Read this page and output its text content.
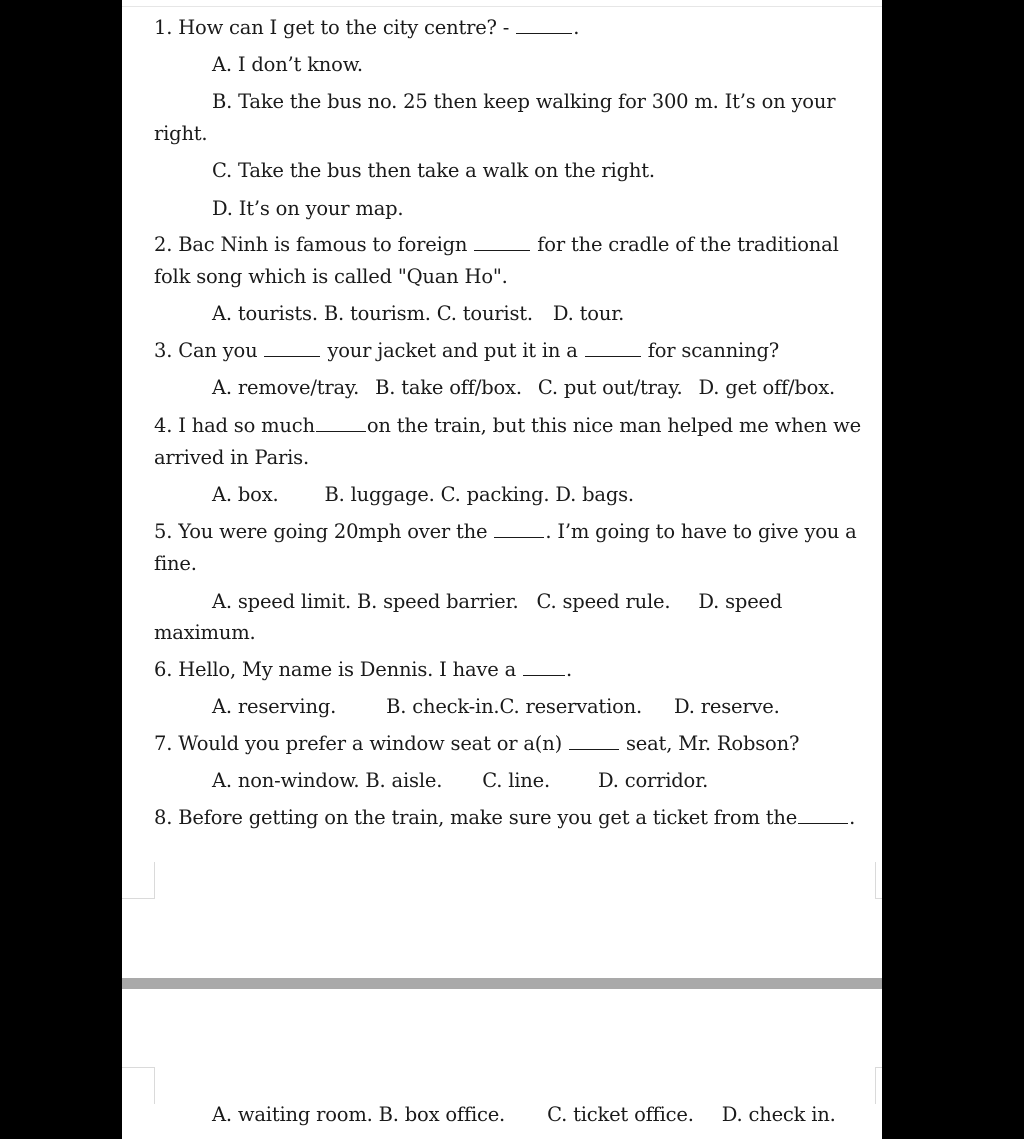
1. How can I get to the city centre? -	.
A. I don’t know.
B. Take the bus no. 25 then keep walking for 300 m. It’s on your
right.
C. Take the bus then take a walk on the right.
D. It’s on your map.
2. Bac Ninh is famous to foreign	for the cradle of the traditional
folk song which is called "Quan Ho".
A. tourists. B. tourism. C. tourist. D. tour.
3. Can you	your jacket and put it in a	for scanning?
A. remove/tray. B. take off/box. C. put out/tray. D. get off/box.
4. I had so much	on the train, but this nice man helped me when we
arrived in Paris.
A. box. B. luggage. C. packing. D. bags.
5. You were going 20mph over the	. I’m going to have to give you a
fine.
A. speed limit. B. speed barrier. C. speed rule. D. speed
maximum.
6. Hello, My name is Dennis. I have a	.
A. reserving.	B. check-in.C. reservation. D. reserve.
7. Would you prefer a window seat or a(n)	seat, Mr. Robson?
A. non-window. B. aisle. C. line. D. corridor.
8. Before getting on the train, make sure you get a ticket from the	.
A. waiting room. B. box office. C. ticket office. D. check in.
